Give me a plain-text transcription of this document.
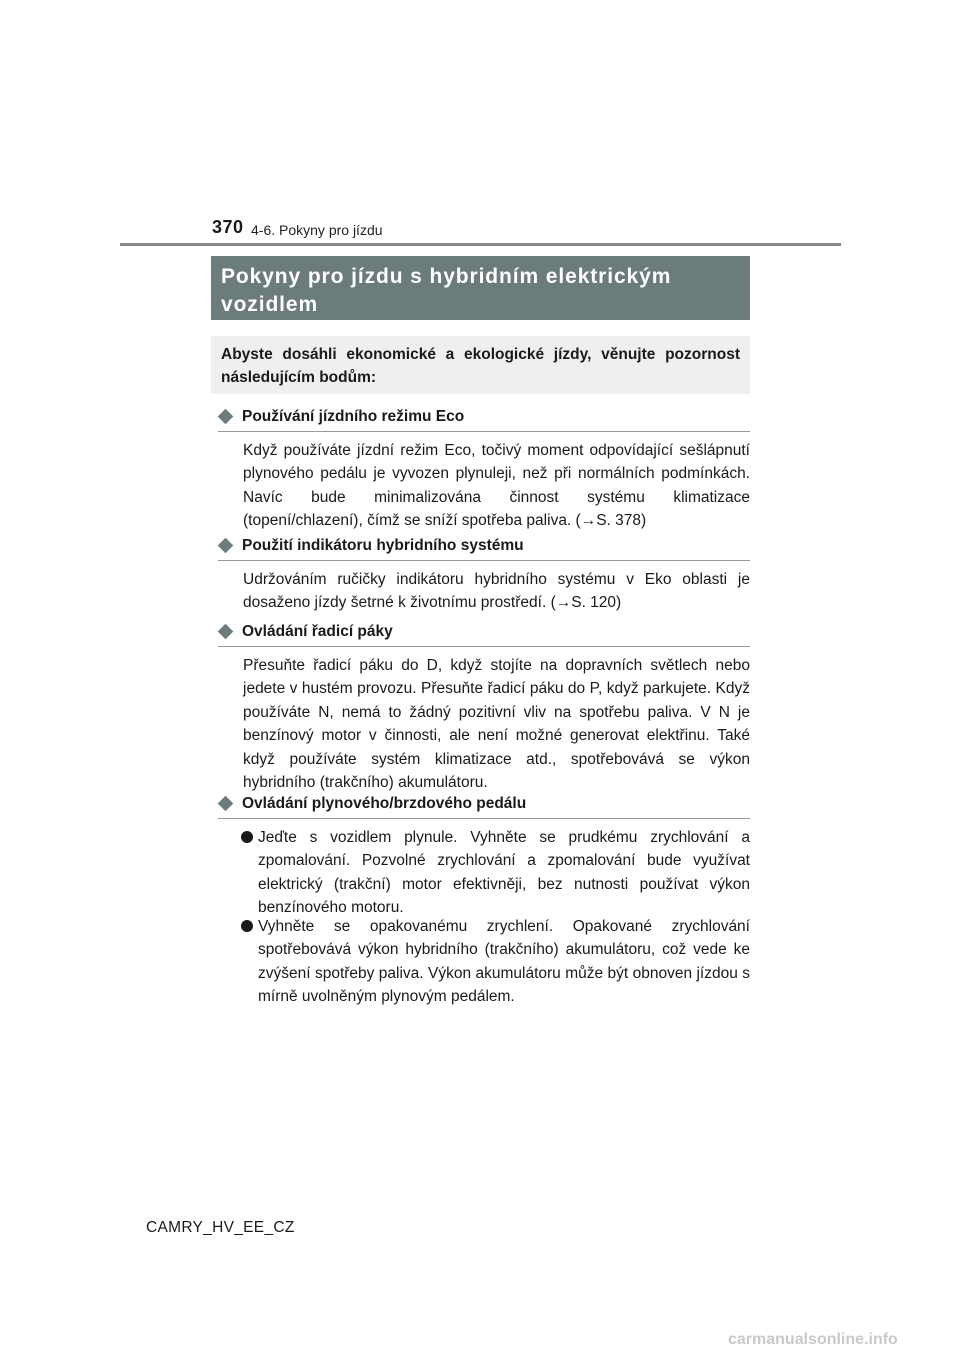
370 4-6. Pokyny pro jízdu

Pokyny pro jízdu s hybridním elektrickým vozidlem

Abyste dosáhli ekonomické a ekologické jízdy, věnujte pozornost následujícím bodům:

Používání jízdního režimu Eco

Když používáte jízdní režim Eco, točivý moment odpovídající sešlápnutí plynového pedálu je vyvozen plynuleji, než při normálních podmínkách. Navíc bude minimalizována činnost systému klimatizace (topení/chlazení), čímž se sníží spotřeba paliva. (→S. 378)

Použití indikátoru hybridního systému

Udržováním ručičky indikátoru hybridního systému v Eko oblasti je dosaženo jízdy šetrné k životnímu prostředí. (→S. 120)

Ovládání řadicí páky

Přesuňte řadicí páku do D, když stojíte na dopravních světlech nebo jedete v hustém provozu. Přesuňte řadicí páku do P, když parkujete. Když používáte N, nemá to žádný pozitivní vliv na spotřebu paliva. V N je benzínový motor v činnosti, ale není možné generovat elektřinu. Také když používáte systém klimatizace atd., spotřebovává se výkon hybridního (trakčního) akumulátoru.

Ovládání plynového/brzdového pedálu

Jeďte s vozidlem plynule. Vyhněte se prudkému zrychlování a zpomalování. Pozvolné zrychlování a zpomalování bude využívat elektrický (trakční) motor efektivněji, bez nutnosti používat výkon benzínového motoru.

Vyhněte se opakovanému zrychlení. Opakované zrychlování spotřebovává výkon hybridního (trakčního) akumulátoru, což vede ke zvýšení spotřeby paliva. Výkon akumulátoru může být obnoven jízdou s mírně uvolněným plynovým pedálem.

CAMRY_HV_EE_CZ
carmanualsonline.info
